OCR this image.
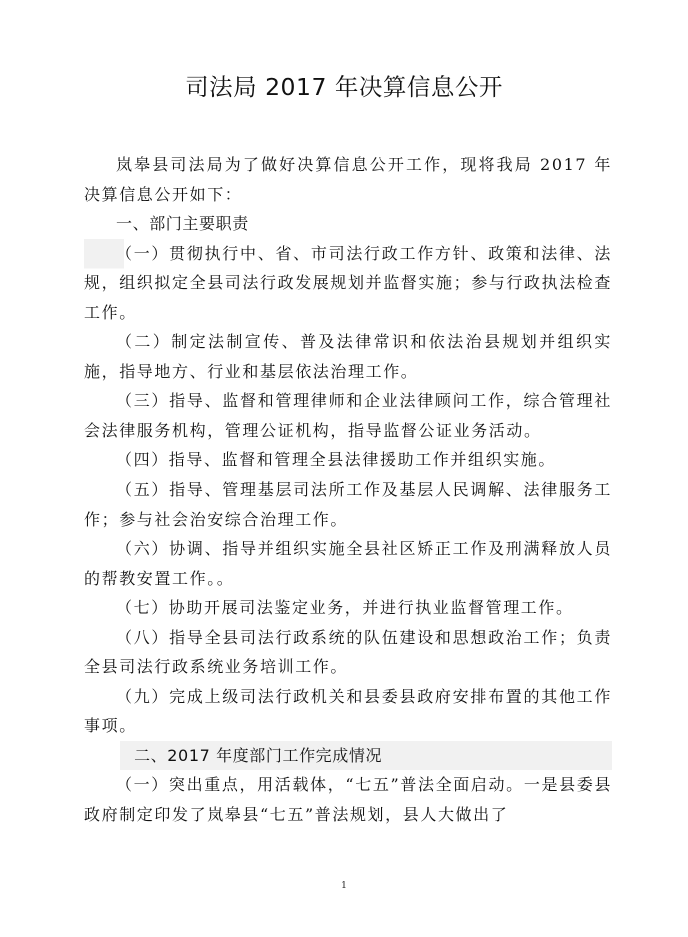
司法局 2017 年决算信息公开

岚皋县司法局为了做好决算信息公开工作，现将我局 2017 年决算信息公开如下：

一、部门主要职责

（一）贯彻执行中、省、市司法行政工作方针、政策和法律、法规，组织拟定全县司法行政发展规划并监督实施；参与行政执法检查工作。

（二）制定法制宣传、普及法律常识和依法治县规划并组织实施，指导地方、行业和基层依法治理工作。

（三）指导、监督和管理律师和企业法律顾问工作，综合管理社会法律服务机构，管理公证机构，指导监督公证业务活动。

（四）指导、监督和管理全县法律援助工作并组织实施。

（五）指导、管理基层司法所工作及基层人民调解、法律服务工作；参与社会治安综合治理工作。

（六）协调、指导并组织实施全县社区矫正工作及刑满释放人员的帮教安置工作。。

（七）协助开展司法鉴定业务，并进行执业监督管理工作。

（八）指导全县司法行政系统的队伍建设和思想政治工作；负责全县司法行政系统业务培训工作。

（九）完成上级司法行政机关和县委县政府安排布置的其他工作事项。

二、2017 年度部门工作完成情况

（一）突出重点，用活载体，“七五”普法全面启动。一是县委县政府制定印发了岚皋县“七五”普法规划，县人大做出了

1
